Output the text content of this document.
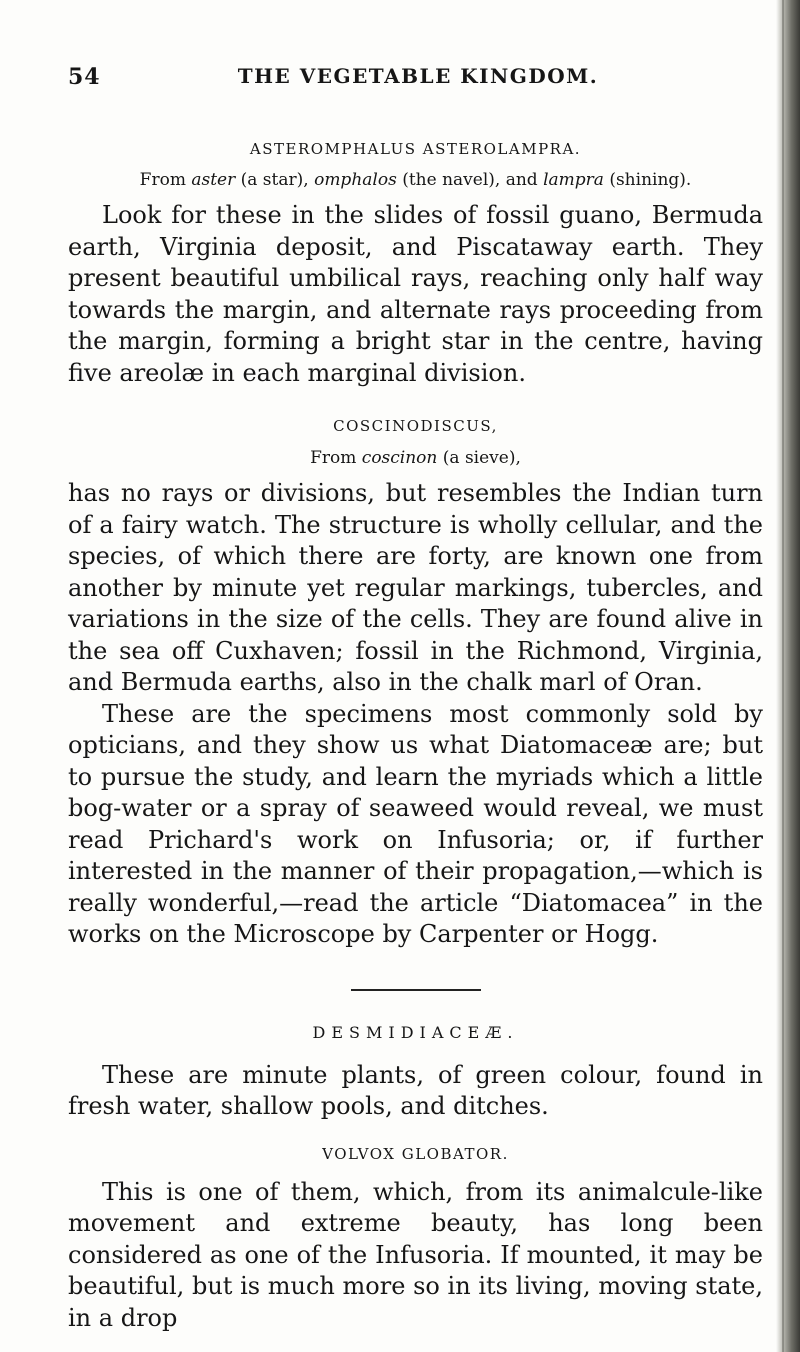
54	THE VEGETABLE KINGDOM.

ASTEROMPHALUS ASTEROLAMPRA.

From aster (a star), omphalos (the navel), and lampra (shining).

Look for these in the slides of fossil guano, Bermuda earth, Virginia deposit, and Piscataway earth. They present beautiful umbilical rays, reaching only half way towards the margin, and alternate rays proceeding from the margin, forming a bright star in the centre, having five areolæ in each marginal division.

COSCINODISCUS,

From coscinon (a sieve),

has no rays or divisions, but resembles the Indian turn of a fairy watch. The structure is wholly cellular, and the species, of which there are forty, are known one from another by minute yet regular markings, tubercles, and variations in the size of the cells. They are found alive in the sea off Cuxhaven; fossil in the Richmond, Virginia, and Bermuda earths, also in the chalk marl of Oran.

These are the specimens most commonly sold by opticians, and they show us what Diatomaceæ are; but to pursue the study, and learn the myriads which a little bog-water or a spray of seaweed would reveal, we must read Prichard's work on Infusoria; or, if further interested in the manner of their propagation,—which is really wonderful,—read the article “Diatomacea” in the works on the Microscope by Carpenter or Hogg.

DESMIDIACEÆ.

These are minute plants, of green colour, found in fresh water, shallow pools, and ditches.

VOLVOX GLOBATOR.

This is one of them, which, from its animalcule-like movement and extreme beauty, has long been considered as one of the Infusoria. If mounted, it may be beautiful, but is much more so in its living, moving state, in a drop
